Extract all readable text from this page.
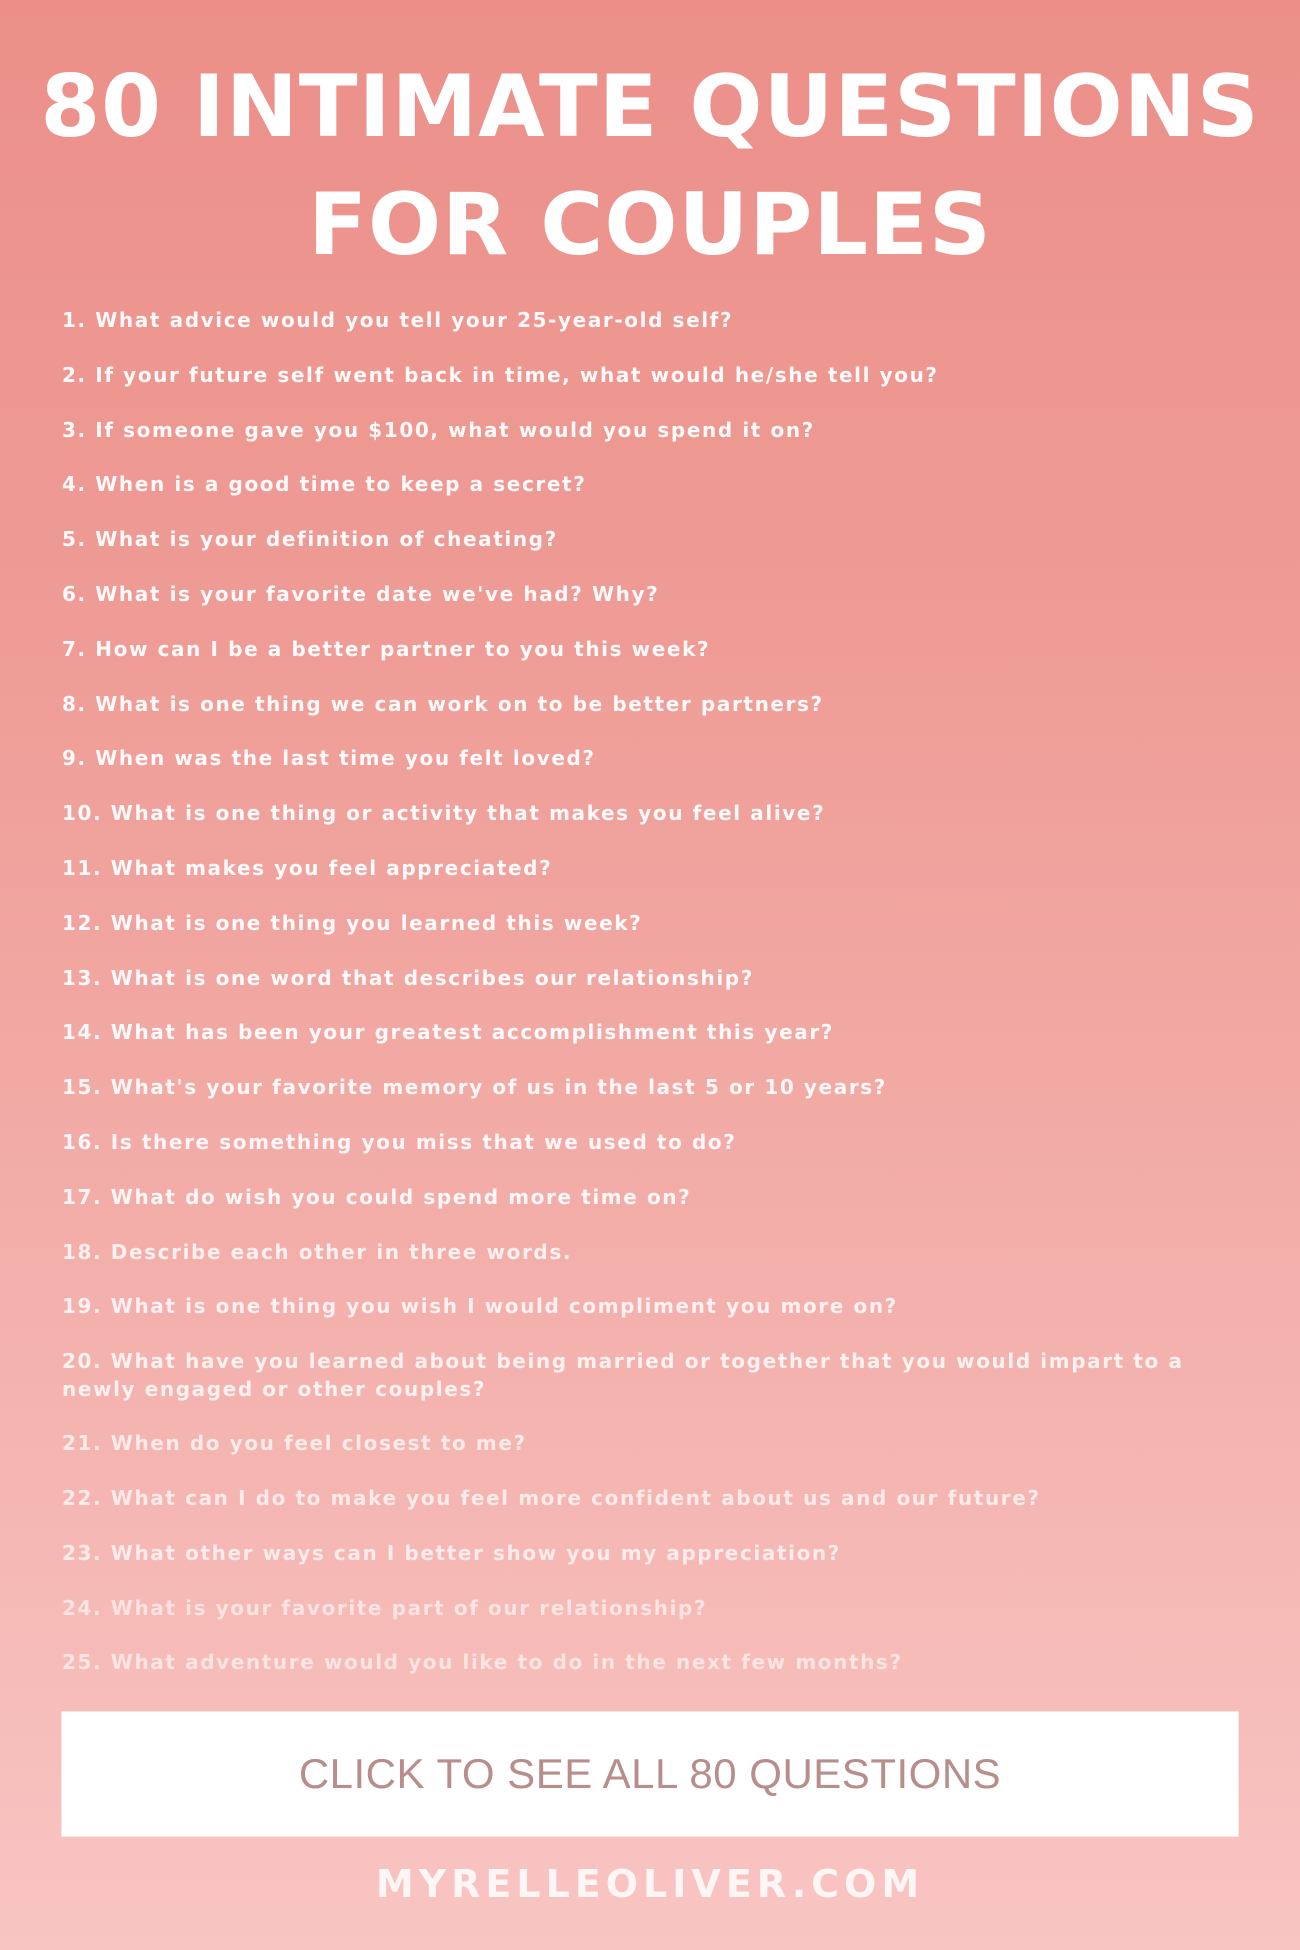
80 INTIMATE QUESTIONS
FOR COUPLES
1. What advice would you tell your 25-year-old self?
2. If your future self went back in time, what would he/she tell you?
3. If someone gave you $100, what would you spend it on?
4. When is a good time to keep a secret?
5. What is your definition of cheating?
6. What is your favorite date we've had? Why?
7. How can I be a better partner to you this week?
8. What is one thing we can work on to be better partners?
9. When was the last time you felt loved?
10. What is one thing or activity that makes you feel alive?
11. What makes you feel appreciated?
12. What is one thing you learned this week?
13. What is one word that describes our relationship?
14. What has been your greatest accomplishment this year?
15. What's your favorite memory of us in the last 5 or 10 years?
16. Is there something you miss that we used to do?
17. What do wish you could spend more time on?
18. Describe each other in three words.
19. What is one thing you wish I would compliment you more on?
20. What have you learned about being married or together that you would impart to a newly engaged or other couples?
21. When do you feel closest to me?
22. What can I do to make you feel more confident about us and our future?
23. What other ways can I better show you my appreciation?
24. What is your favorite part of our relationship?
25. What adventure would you like to do in the next few months?
CLICK TO SEE ALL 80 QUESTIONS
MYRELLEOLIVER.COM
